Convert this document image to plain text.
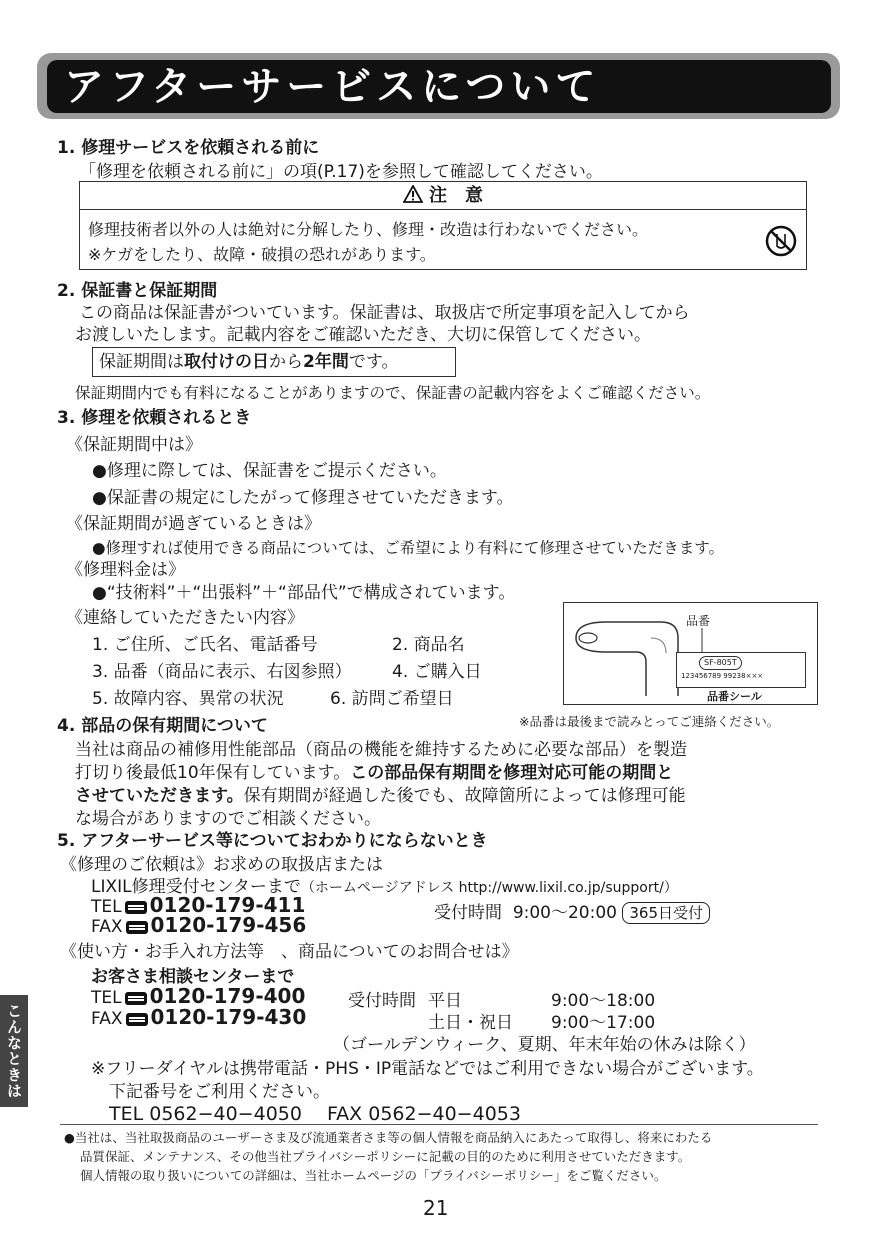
アフターサービスについて
1. 修理サービスを依頼される前に
「修理を依頼される前に」の項(P.17)を参照して確認してください。
注　意
修理技術者以外の人は絶対に分解したり、修理・改造は行わないでください。
※ケガをしたり、故障・破損の恐れがあります。
2. 保証書と保証期間
この商品は保証書がついています。保証書は、取扱店で所定事項を記入してから
お渡しいたします。記載内容をご確認いただき、大切に保管してください。
保証期間は取付けの日から2年間です。
保証期間内でも有料になることがありますので、保証書の記載内容をよくご確認ください。
3. 修理を依頼されるとき
《保証期間中は》
●修理に際しては、保証書をご提示ください。
●保証書の規定にしたがって修理させていただきます。
《保証期間が過ぎているときは》
●修理すれば使用できる商品については、ご希望により有料にて修理させていただきます。
《修理料金は》
●“技術料”＋“出張料”＋“部品代”で構成されています。
《連絡していただきたい内容》
1. ご住所、ご氏名、電話番号	2. 商品名
3. 品番（商品に表示、右図参照） 4. ご購入日
5. 故障内容、異常の状況	6. 訪問ご希望日
品番
SF-805T
123456789 99238×××
品番シール
4. 部品の保有期間について	※品番は最後まで読みとってご連絡ください。
当社は商品の補修用性能部品（商品の機能を維持するために必要な部品）を製造
打切り後最低10年保有しています。この部品保有期間を修理対応可能の期間と
させていただきます。保有期間が経過した後でも、故障箇所によっては修理可能
な場合がありますのでご相談ください。
5. アフターサービス等についておわかりにならないとき
《修理のご依頼は》お求めの取扱店または
LIXIL修理受付センターまで（ホームページアドレス http://www.lixil.co.jp/support/）
TEL 0120-179-411
FAX 0120-179-456	受付時間 9:00～20:00 365日受付
《使い方・お手入れ方法等　、商品についてのお問合せは》
お客さま相談センターまで
TEL 0120-179-400
FAX 0120-179-430
受付時間 平日	9:00～18:00
土日・祝日 9:00～17:00
（ゴールデンウィーク、夏期、年末年始の休みは除く）
※フリーダイヤルは携帯電話・PHS・IP電話などではご利用できない場合がございます。
下記番号をご利用ください。
TEL 0562−40−4050　 FAX 0562−40−4053
●当社は、当社取扱商品のユーザーさま及び流通業者さま等の個人情報を商品納入にあたって取得し、将来にわたる
品質保証、メンテナンス、その他当社プライバシーポリシーに記載の目的のために利用させていただきます。
個人情報の取り扱いについての詳細は、当社ホームページの「プライバシーポリシー」をご覧ください。
21
こんなときは
